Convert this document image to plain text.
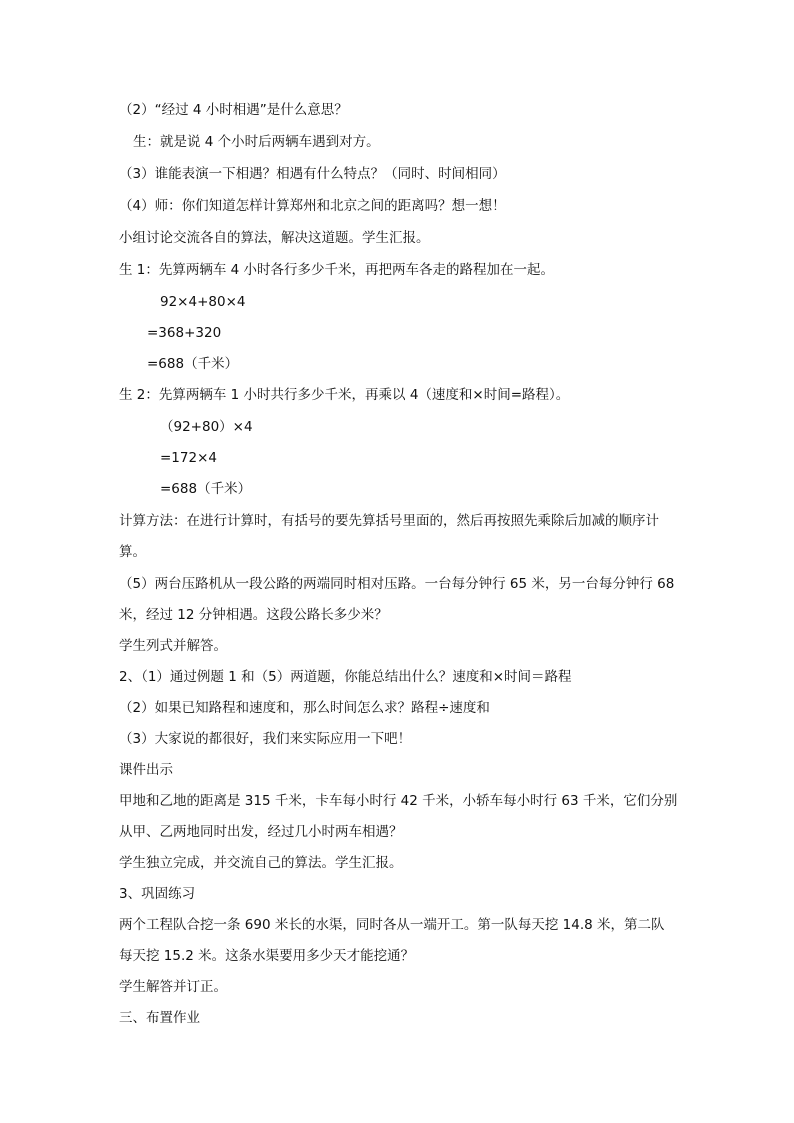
（2）“经过 4 小时相遇”是什么意思？
生：就是说 4 个小时后两辆车遇到对方。
（3）谁能表演一下相遇？相遇有什么特点？（同时、时间相同）
（4）师：你们知道怎样计算郑州和北京之间的距离吗？想一想！
小组讨论交流各自的算法，解决这道题。学生汇报。
生 1：先算两辆车 4 小时各行多少千米，再把两车各走的路程加在一起。
92×4+80×4
=368+320
=688（千米）
生 2：先算两辆车 1 小时共行多少千米，再乘以 4（速度和×时间=路程）。
（92+80）×4
=172×4
=688（千米）
计算方法：在进行计算时，有括号的要先算括号里面的，然后再按照先乘除后加减的顺序计
算。
（5）两台压路机从一段公路的两端同时相对压路。一台每分钟行 65 米，另一台每分钟行 68
米，经过 12 分钟相遇。这段公路长多少米？
学生列式并解答。
2、（1）通过例题 1 和（5）两道题，你能总结出什么？速度和×时间＝路程
（2）如果已知路程和速度和，那么时间怎么求？路程÷速度和
（3）大家说的都很好，我们来实际应用一下吧！
课件出示
甲地和乙地的距离是 315 千米，卡车每小时行 42 千米，小轿车每小时行 63 千米，它们分别
从甲、乙两地同时出发，经过几小时两车相遇？
学生独立完成，并交流自己的算法。学生汇报。
3、巩固练习
两个工程队合挖一条 690 米长的水渠，同时各从一端开工。第一队每天挖 14.8 米，第二队
每天挖 15.2 米。这条水渠要用多少天才能挖通？
学生解答并订正。
三、布置作业
